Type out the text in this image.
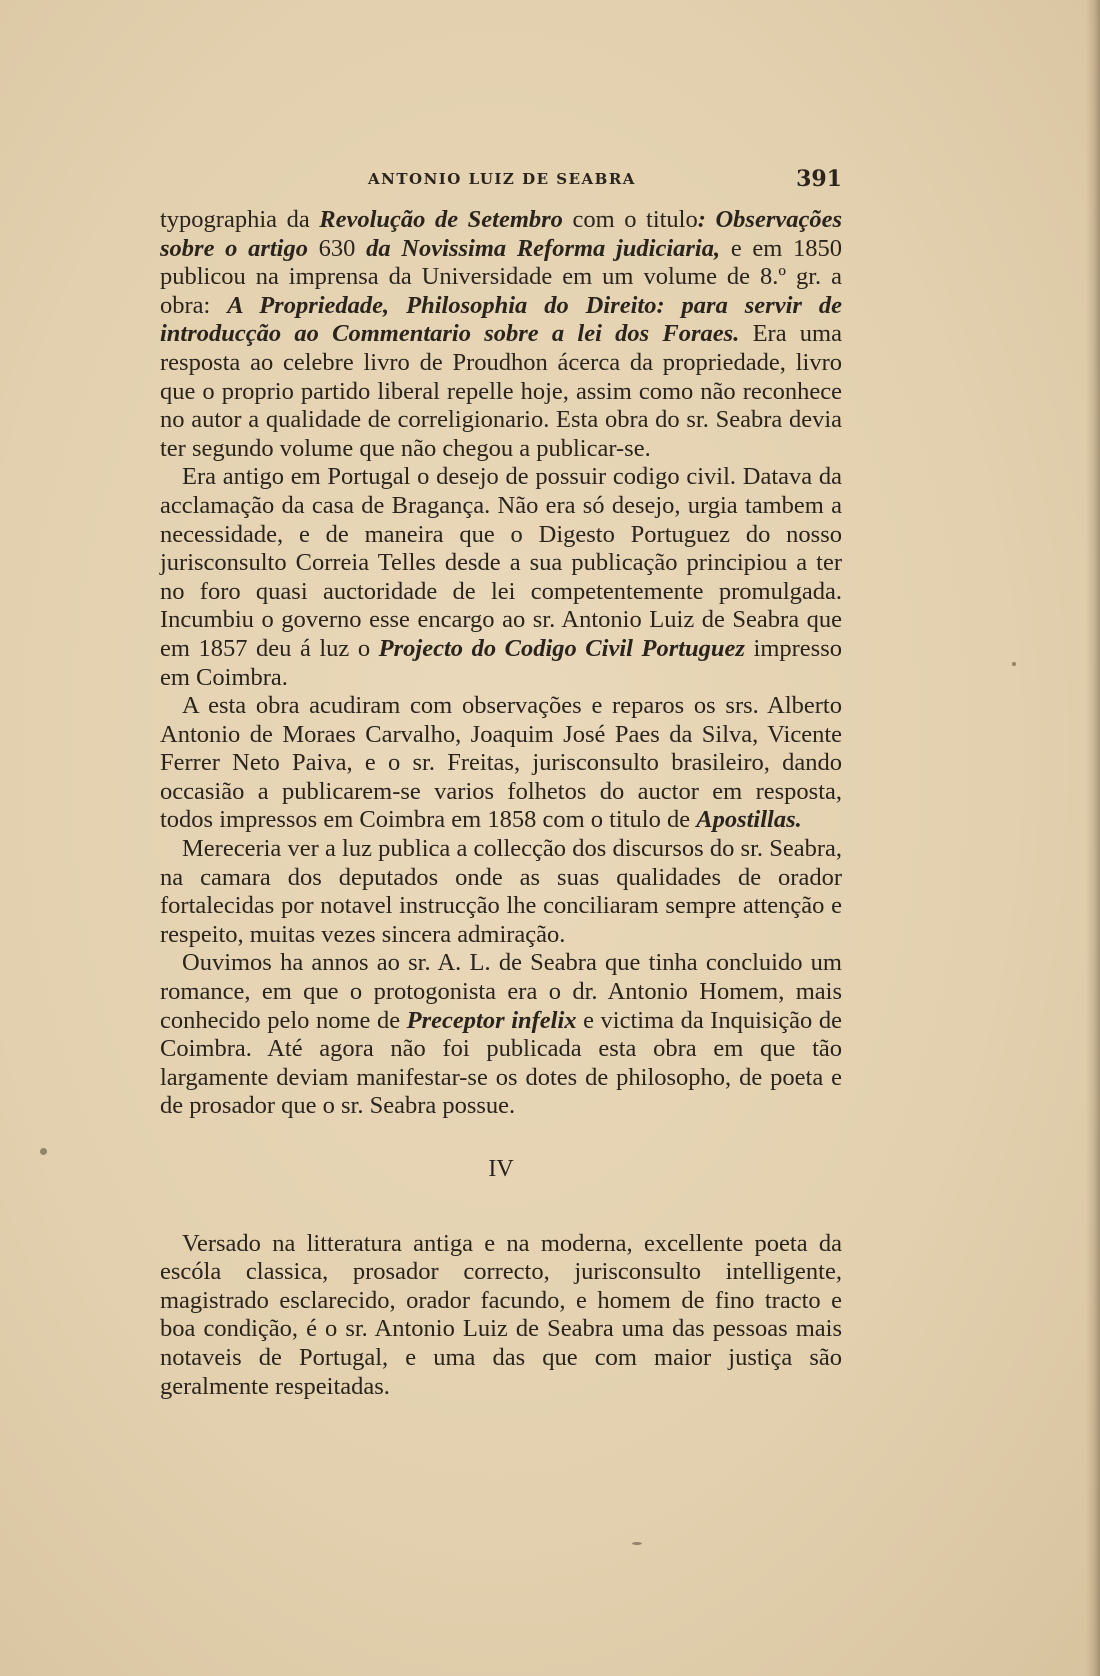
ANTONIO LUIZ DE SEABRA	391

typographia da Revolução de Setembro com o titulo: Observações sobre o artigo 630 da Novissima Reforma judiciaria, e em 1850 publicou na imprensa da Universidade em um volume de 8.º gr. a obra: A Propriedade, Philosophia do Direito: para servir de introducção ao Commentario sobre a lei dos Foraes. Era uma resposta ao celebre livro de Proudhon ácerca da propriedade, livro que o proprio partido liberal repelle hoje, assim como não reconhece no autor a qualidade de correligionario. Esta obra do sr. Seabra devia ter segundo volume que não chegou a publicar-se.

Era antigo em Portugal o desejo de possuir codigo civil. Datava da acclamação da casa de Bragança. Não era só desejo, urgia tambem a necessidade, e de maneira que o Digesto Portuguez do nosso jurisconsulto Correia Telles desde a sua publicação principiou a ter no foro quasi auctoridade de lei competentemente promulgada. Incumbiu o governo esse encargo ao sr. Antonio Luiz de Seabra que em 1857 deu á luz o Projecto do Codigo Civil Portuguez impresso em Coimbra.

A esta obra acudiram com observações e reparos os srs. Alberto Antonio de Moraes Carvalho, Joaquim José Paes da Silva, Vicente Ferrer Neto Paiva, e o sr. Freitas, jurisconsulto brasileiro, dando occasião a publicarem-se varios folhetos do auctor em resposta, todos impressos em Coimbra em 1858 com o titulo de Apostillas.

Mereceria ver a luz publica a collecção dos discursos do sr. Seabra, na camara dos deputados onde as suas qualidades de orador fortalecidas por notavel instrucção lhe conciliaram sempre attenção e respeito, muitas vezes sincera admiração.

Ouvimos ha annos ao sr. A. L. de Seabra que tinha concluido um romance, em que o protogonista era o dr. Antonio Homem, mais conhecido pelo nome de Preceptor infelix e victima da Inquisição de Coimbra. Até agora não foi publicada esta obra em que tão largamente deviam manifestar-se os dotes de philosopho, de poeta e de prosador que o sr. Seabra possue.

IV

Versado na litteratura antiga e na moderna, excellente poeta da escóla classica, prosador correcto, jurisconsulto intelligente, magistrado esclarecido, orador facundo, e homem de fino tracto e boa condição, é o sr. Antonio Luiz de Seabra uma das pessoas mais notaveis de Portugal, e uma das que com maior justiça são geralmente respeitadas.
